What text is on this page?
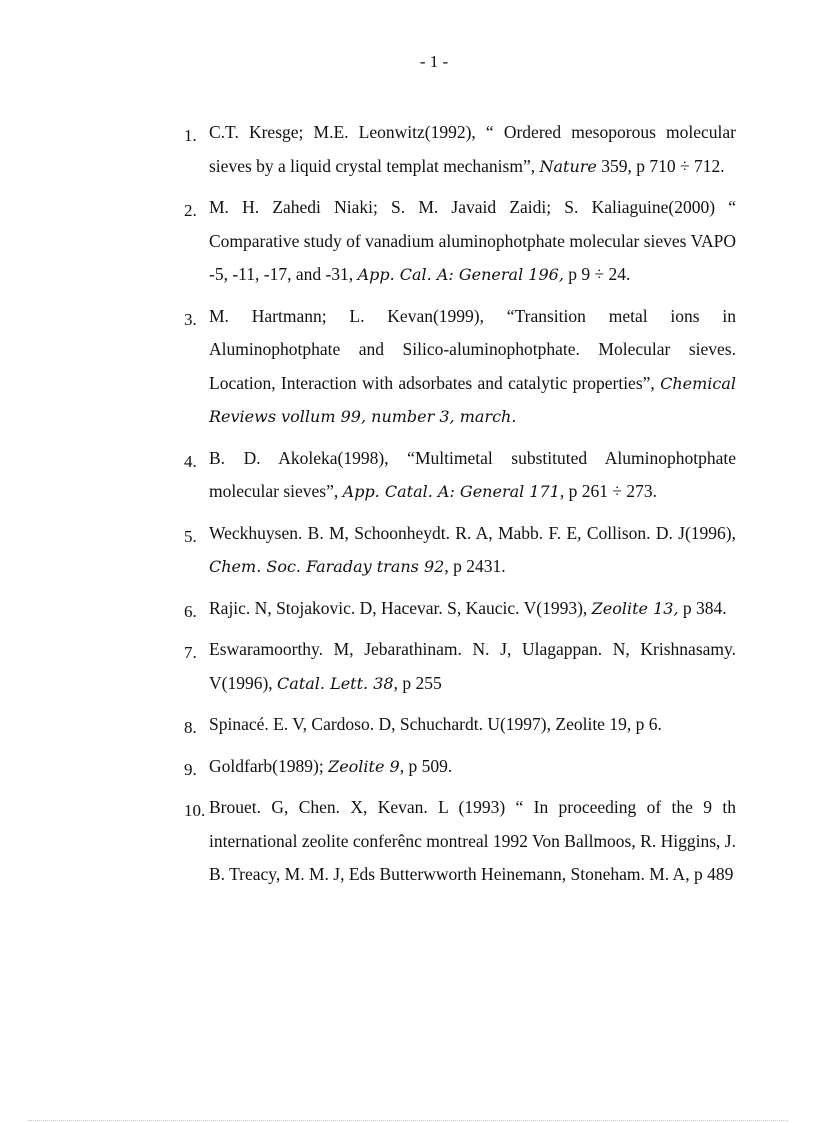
- 1 -
1. C.T. Kresge; M.E. Leonwitz(1992), “ Ordered mesoporous molecular sieves by a liquid crystal templat mechanism”, Nature 359, p 710 ÷ 712.
2. M. H. Zahedi Niaki; S. M. Javaid Zaidi; S. Kaliaguine(2000) “ Comparative study of vanadium aluminophotphate molecular sieves VAPO -5, -11, -17, and -31, App. Cal. A: General 196, p 9 ÷ 24.
3. M. Hartmann; L. Kevan(1999), “Transition metal ions in Aluminophotphate and Silico-aluminophotphate. Molecular sieves. Location, Interaction with adsorbates and catalytic properties”, Chemical Reviews vollum 99, number 3, march.
4. B. D. Akoleka(1998), “Multimetal substituted Aluminophotphate molecular sieves”, App. Catal. A: General 171, p 261 ÷ 273.
5. Weckhuysen. B. M, Schoonheydt. R. A, Mabb. F. E, Collison. D. J(1996), Chem. Soc. Faraday trans 92, p 2431.
6. Rajic. N, Stojakovic. D, Hacevar. S, Kaucic. V(1993), Zeolite 13, p 384.
7. Eswaramoorthy. M, Jebarathinam. N. J, Ulagappan. N, Krishnasamy. V(1996), Catal. Lett. 38, p 255
8. Spinacé. E. V, Cardoso. D, Schuchardt. U(1997), Zeolite 19, p 6.
9. Goldfarb(1989); Zeolite 9, p 509.
10. Brouet. G, Chen. X, Kevan. L (1993) “ In proceeding of the 9 th international zeolite conferênc montreal 1992 Von Ballmoos, R. Higgins, J. B. Treacy, M. M. J, Eds Butterwworth Heinemann, Stoneham. M. A, p 489
